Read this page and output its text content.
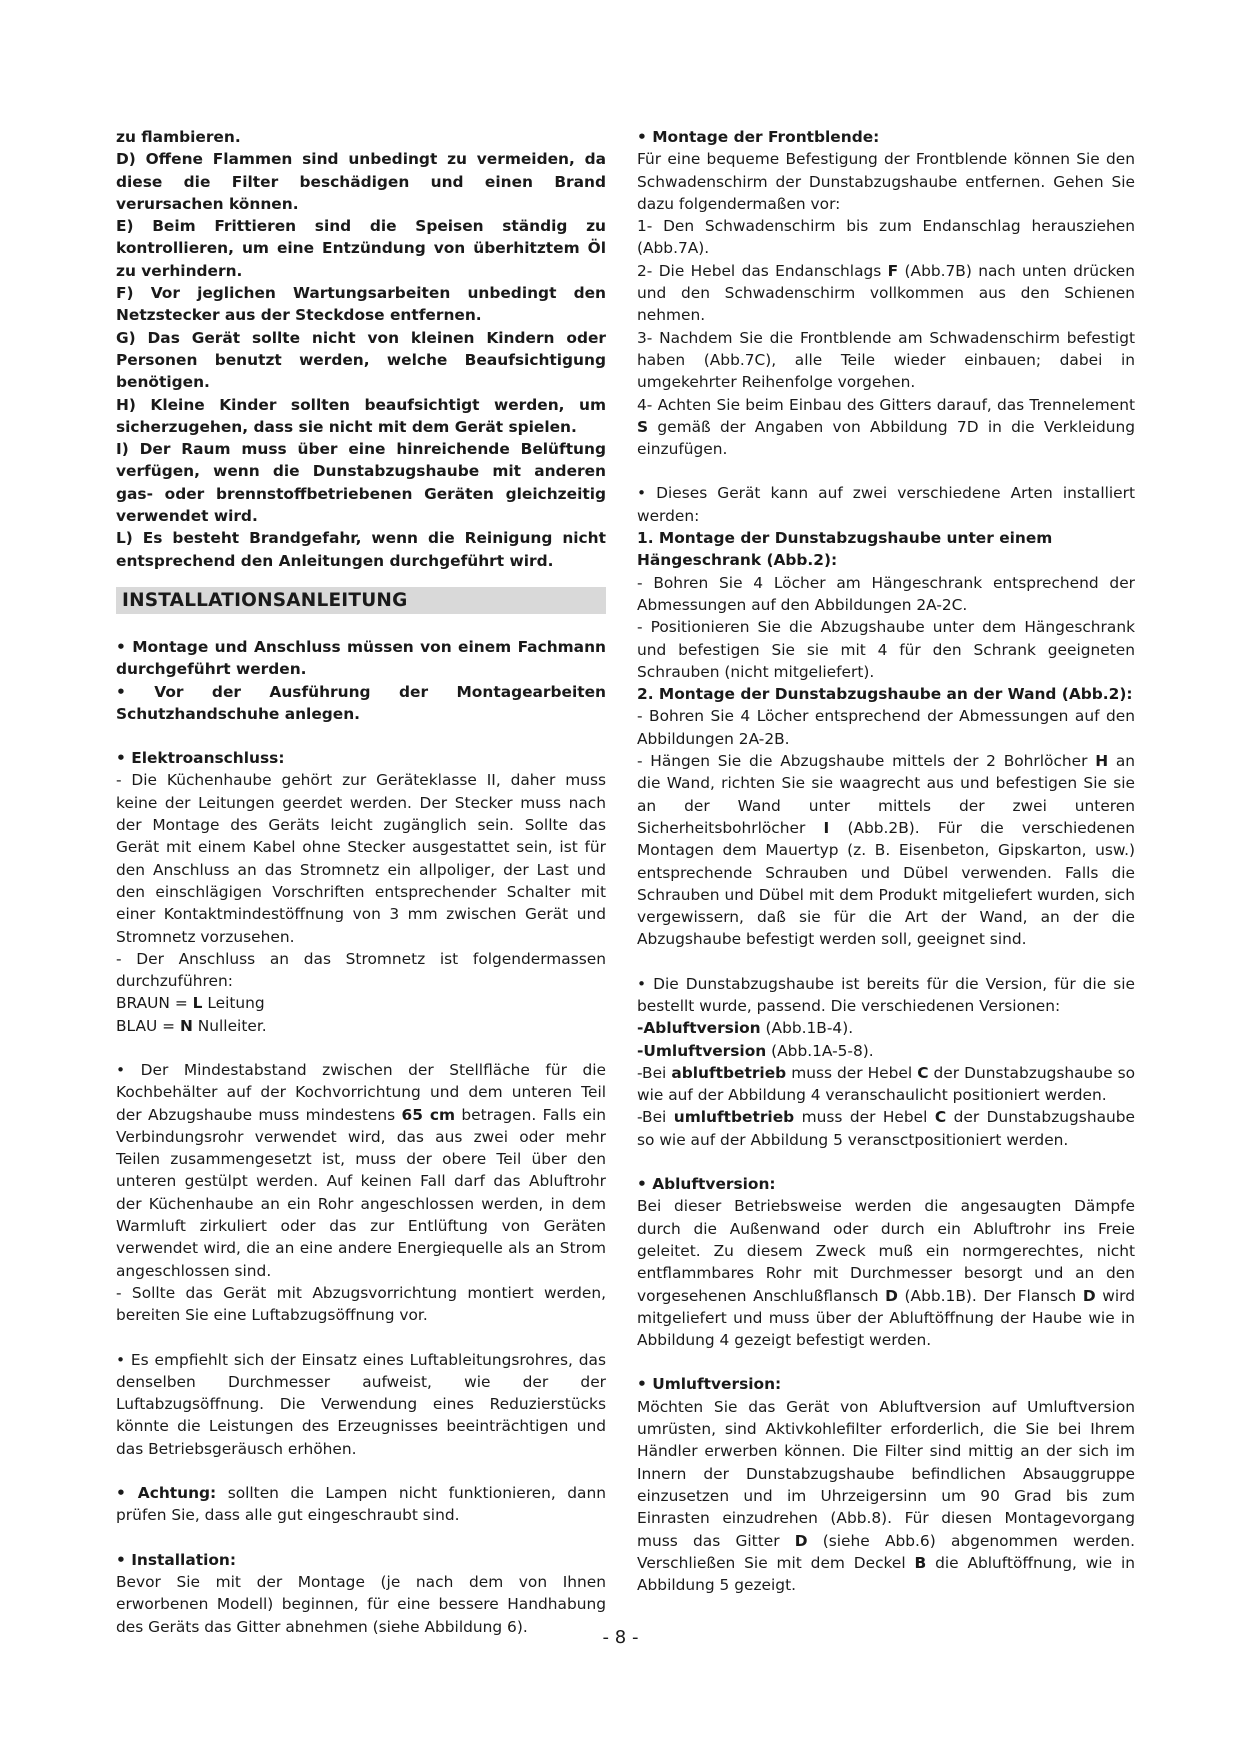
zu flambieren.

D) Offene Flammen sind unbedingt zu vermeiden, da diese die Filter beschädigen und einen Brand verursachen können.

E) Beim Frittieren sind die Speisen ständig zu kontrollieren, um eine Entzündung von überhitztem Öl zu verhindern.

F) Vor jeglichen Wartungsarbeiten unbedingt den Netzstecker aus der Steckdose entfernen.

G) Das Gerät sollte nicht von kleinen Kindern oder Personen benutzt werden, welche Beaufsichtigung benötigen.

H) Kleine Kinder sollten beaufsichtigt werden, um sicherzugehen, dass sie nicht mit dem Gerät spielen.

I) Der Raum muss über eine hinreichende Belüftung verfügen, wenn die Dunstabzugshaube mit anderen gas- oder brennstoffbetriebenen Geräten gleichzeitig verwendet wird.

L) Es besteht Brandgefahr, wenn die Reinigung nicht entsprechend den Anleitungen durchgeführt wird.

INSTALLATIONSANLEITUNG

• Montage und Anschluss müssen von einem Fachmann durchgeführt werden.

• Vor der Ausführung der Montagearbeiten Schutzhandschuhe anlegen.

• Elektroanschluss:

- Die Küchenhaube gehört zur Geräteklasse II, daher muss keine der Leitungen geerdet werden. Der Stecker muss nach der Montage des Geräts leicht zugänglich sein. Sollte das Gerät mit einem Kabel ohne Stecker ausgestattet sein, ist für den Anschluss an das Stromnetz ein allpoliger, der Last und den einschlägigen Vorschriften entsprechender Schalter mit einer Kontaktmindestöffnung von 3 mm zwischen Gerät und Stromnetz vorzusehen.

- Der Anschluss an das Stromnetz ist folgendermassen durchzuführen:

BRAUN = L Leitung

BLAU = N Nulleiter.

• Der Mindestabstand zwischen der Stellfläche für die Kochbehälter auf der Kochvorrichtung und dem unteren Teil der Abzugshaube muss mindestens 65 cm betragen. Falls ein Verbindungsrohr verwendet wird, das aus zwei oder mehr Teilen zusammengesetzt ist, muss der obere Teil über den unteren gestülpt werden. Auf keinen Fall darf das Abluftrohr der Küchenhaube an ein Rohr angeschlossen werden, in dem Warmluft zirkuliert oder das zur Entlüftung von Geräten verwendet wird, die an eine andere Energiequelle als an Strom angeschlossen sind.

- Sollte das Gerät mit Abzugsvorrichtung montiert werden, bereiten Sie eine Luftabzugsöffnung vor.

• Es empfiehlt sich der Einsatz eines Luftableitungsrohres, das denselben Durchmesser aufweist, wie der der Luftabzugsöffnung. Die Verwendung eines Reduzierstücks könnte die Leistungen des Erzeugnisses beeinträchtigen und das Betriebsgeräusch erhöhen.

• Achtung: sollten die Lampen nicht funktionieren, dann prüfen Sie, dass alle gut eingeschraubt sind.

• Installation:

Bevor Sie mit der Montage (je nach dem von Ihnen erworbenen Modell) beginnen, für eine bessere Handhabung des Geräts das Gitter abnehmen (siehe Abbildung 6).

• Montage der Frontblende:

Für eine bequeme Befestigung der Frontblende können Sie den Schwadenschirm der Dunstabzugshaube entfernen. Gehen Sie dazu folgendermaßen vor:

1- Den Schwadenschirm bis zum Endanschlag herausziehen (Abb.7A).

2- Die Hebel das Endanschlags F (Abb.7B) nach unten drücken und den Schwadenschirm vollkommen aus den Schienen nehmen.

3- Nachdem Sie die Frontblende am Schwadenschirm befestigt haben (Abb.7C), alle Teile wieder einbauen; dabei in umgekehrter Reihenfolge vorgehen.

4- Achten Sie beim Einbau des Gitters darauf, das Trennelement S gemäß der Angaben von Abbildung 7D in die Verkleidung einzufügen.

• Dieses Gerät kann auf zwei verschiedene Arten installiert werden:

1. Montage der Dunstabzugshaube unter einem Hängeschrank (Abb.2):

- Bohren Sie 4 Löcher am Hängeschrank entsprechend der Abmessungen auf den Abbildungen 2A-2C.

- Positionieren Sie die Abzugshaube unter dem Hängeschrank und befestigen Sie sie mit 4 für den Schrank geeigneten Schrauben (nicht mitgeliefert).

2. Montage der Dunstabzugshaube an der Wand (Abb.2):

- Bohren Sie 4 Löcher entsprechend der Abmessungen auf den Abbildungen 2A-2B.

- Hängen Sie die Abzugshaube mittels der 2 Bohrlöcher H an die Wand, richten Sie sie waagrecht aus und befestigen Sie sie an der Wand unter mittels der zwei unteren Sicherheitsbohrlöcher I (Abb.2B). Für die verschiedenen Montagen dem Mauertyp (z. B. Eisenbeton, Gipskarton, usw.) entsprechende Schrauben und Dübel verwenden. Falls die Schrauben und Dübel mit dem Produkt mitgeliefert wurden, sich vergewissern, daß sie für die Art der Wand, an der die Abzugshaube befestigt werden soll, geeignet sind.

• Die Dunstabzugshaube ist bereits für die Version, für die sie bestellt wurde, passend. Die verschiedenen Versionen:

-Abluftversion (Abb.1B-4).

-Umluftversion (Abb.1A-5-8).

-Bei abluftbetrieb muss der Hebel C der Dunstabzugshaube so wie auf der Abbildung 4 veranschaulicht positioniert werden.

-Bei umluftbetrieb muss der Hebel C der Dunstabzugshaube so wie auf der Abbildung 5 veransctpositioniert werden.

• Abluftversion:

Bei dieser Betriebsweise werden die angesaugten Dämpfe durch die Außenwand oder durch ein Abluftrohr ins Freie geleitet. Zu diesem Zweck muß ein normgerechtes, nicht entflammbares Rohr mit Durchmesser besorgt und an den vorgesehenen Anschlußflansch D (Abb.1B). Der Flansch D wird mitgeliefert und muss über der Abluftöffnung der Haube wie in Abbildung 4 gezeigt befestigt werden.

• Umluftversion:

Möchten Sie das Gerät von Abluftversion auf Umluftversion umrüsten, sind Aktivkohlefilter erforderlich, die Sie bei Ihrem Händler erwerben können. Die Filter sind mittig an der sich im Innern der Dunstabzugshaube befindlichen Absauggruppe einzusetzen und im Uhrzeigersinn um 90 Grad bis zum Einrasten einzudrehen (Abb.8). Für diesen Montagevorgang muss das Gitter D (siehe Abb.6) abgenommen werden. Verschließen Sie mit dem Deckel B die Abluftöffnung, wie in Abbildung 5 gezeigt.

- 8 -
